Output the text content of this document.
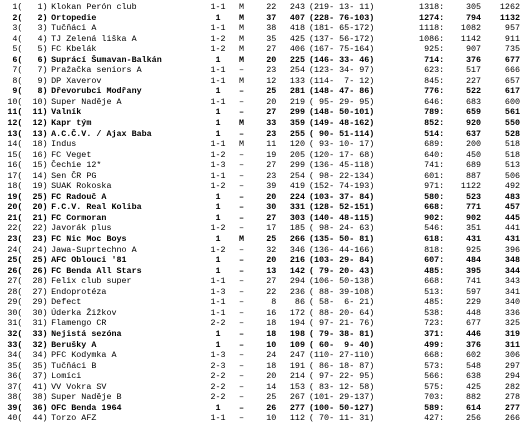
1	(   1)	Klokan Perón club	1-1	M	22	243	(219- 13- 11)	1318:	305	1262
2	(   2)	Ortopedie	1	M	37	407	(228- 76-103)	1274:	794	1132
3	(   3)	Tučňáci A	1-1	M	38	418	(181- 65-172)	1118:	1082	957
4	(   4)	TJ Zelená liška A	1-2	M	35	425	(137- 56-172)	1086:	1142	911
5	(   5)	FC Kbelák	1-2	M	27	406	(167- 75-164)	925:	907	735
6	(   6)	Suprácí Šumavan-Balkán	1	M	20	225	(146- 33- 46)	714:	376	677
7	(   7)	Pražačka seniors A	1-1	–	23	254	(123- 34- 97)	623:	517	666
8	(   9)	DP Xaverov	1-1	M	12	133	(114-  7- 12)	845:	227	657
9	(   8)	Dřevorubci Modřany	1	–	25	281	(148- 47- 86)	776:	522	617
10	(  10)	Super Naděje A	1-1	–	20	219	( 95- 29- 95)	646:	683	600
11	(  11)	Valník	1	–	27	299	(148- 50-101)	789:	659	561
12	(  12)	Kapr tým	1	M	33	359	(149- 48-162)	852:	920	550
13	(  13)	A.C.Č.V. / Ajax Baba	1	–	23	255	( 90- 51-114)	514:	637	528
14	(  18)	Indus	1-1	M	11	120	( 93- 10- 17)	689:	200	518
15	(  16)	FC Veget	1-2	–	19	205	(120- 17- 68)	640:	450	518
16	(  15)	Čechie 12*	1-3	–	27	299	(136- 45-118)	741:	689	513
17	(  14)	Sen ČR PG	1-1	–	23	254	( 98- 22-134)	601:	887	506
18	(  19)	SUAK Rokoska	1-2	–	39	419	(152- 74-193)	971:	1122	492
19	(  25)	FC Radouč A	1	–	20	224	(103- 37- 84)	580:	523	483
20	(  20)	F.C.V. Real Koliba	1	–	30	331	(128- 52-151)	668:	771	457
21	(  21)	FC Cormoran	1	–	27	303	(140- 48-115)	902:	902	445
22	(  22)	Javorák plus	1-2	–	17	185	( 98- 24- 63)	546:	351	441
23	(  23)	FC Nic Moc Boys	1	M	25	266	(135- 50- 81)	618:	431	431
24	(  24)	Jawa-Suprtechno A	1-2	–	32	346	(136- 44-166)	818:	925	396
25	(  25)	AFC Oblouci '81	1	–	20	216	(103- 29- 84)	607:	484	348
26	(  26)	FC Benda All Stars	1	–	13	142	( 79- 20- 43)	485:	395	344
27	(  28)	Felix club super	1-1	–	27	294	(106- 50-138)	668:	741	343
28	(  27)	Endoprotéza	1-3	–	22	236	( 88- 39-108)	513:	597	341
29	(  29)	Defect	1-1	–	8	86	( 58-  6- 21)	485:	229	340
30	(  30)	Úderka Žižkov	1-1	–	16	172	( 88- 20- 64)	538:	448	336
31	(  31)	Flamengo CR	2-2	–	18	194	( 97- 21- 76)	723:	677	325
32	(  33)	Nejistá sezóna	1	–	18	198	( 79- 38- 81)	371:	446	319
33	(  32)	Berušky A	1	–	10	109	( 60-  9- 40)	499:	376	311
34	(  34)	PFC Kodymka A	1-3	–	24	247	(110- 27-110)	668:	602	306
35	(  35)	Tučňáci B	2-3	–	18	191	( 86- 18- 87)	573:	548	297
36	(  37)	Lomíci	2-2	–	20	214	( 97- 22- 95)	566:	638	294
37	(  41)	VV Vokra SV	2-2	–	14	153	( 83- 12- 58)	575:	425	282
38	(  38)	Super Naděje B	2-2	–	25	267	(101- 29-137)	703:	882	278
39	(  36)	OFC Benda 1964	1	–	26	277	(100- 50-127)	589:	614	277
40	(  44)	Torzo AFZ	1-1	–	10	112	( 70- 11- 31)	427:	256	266
